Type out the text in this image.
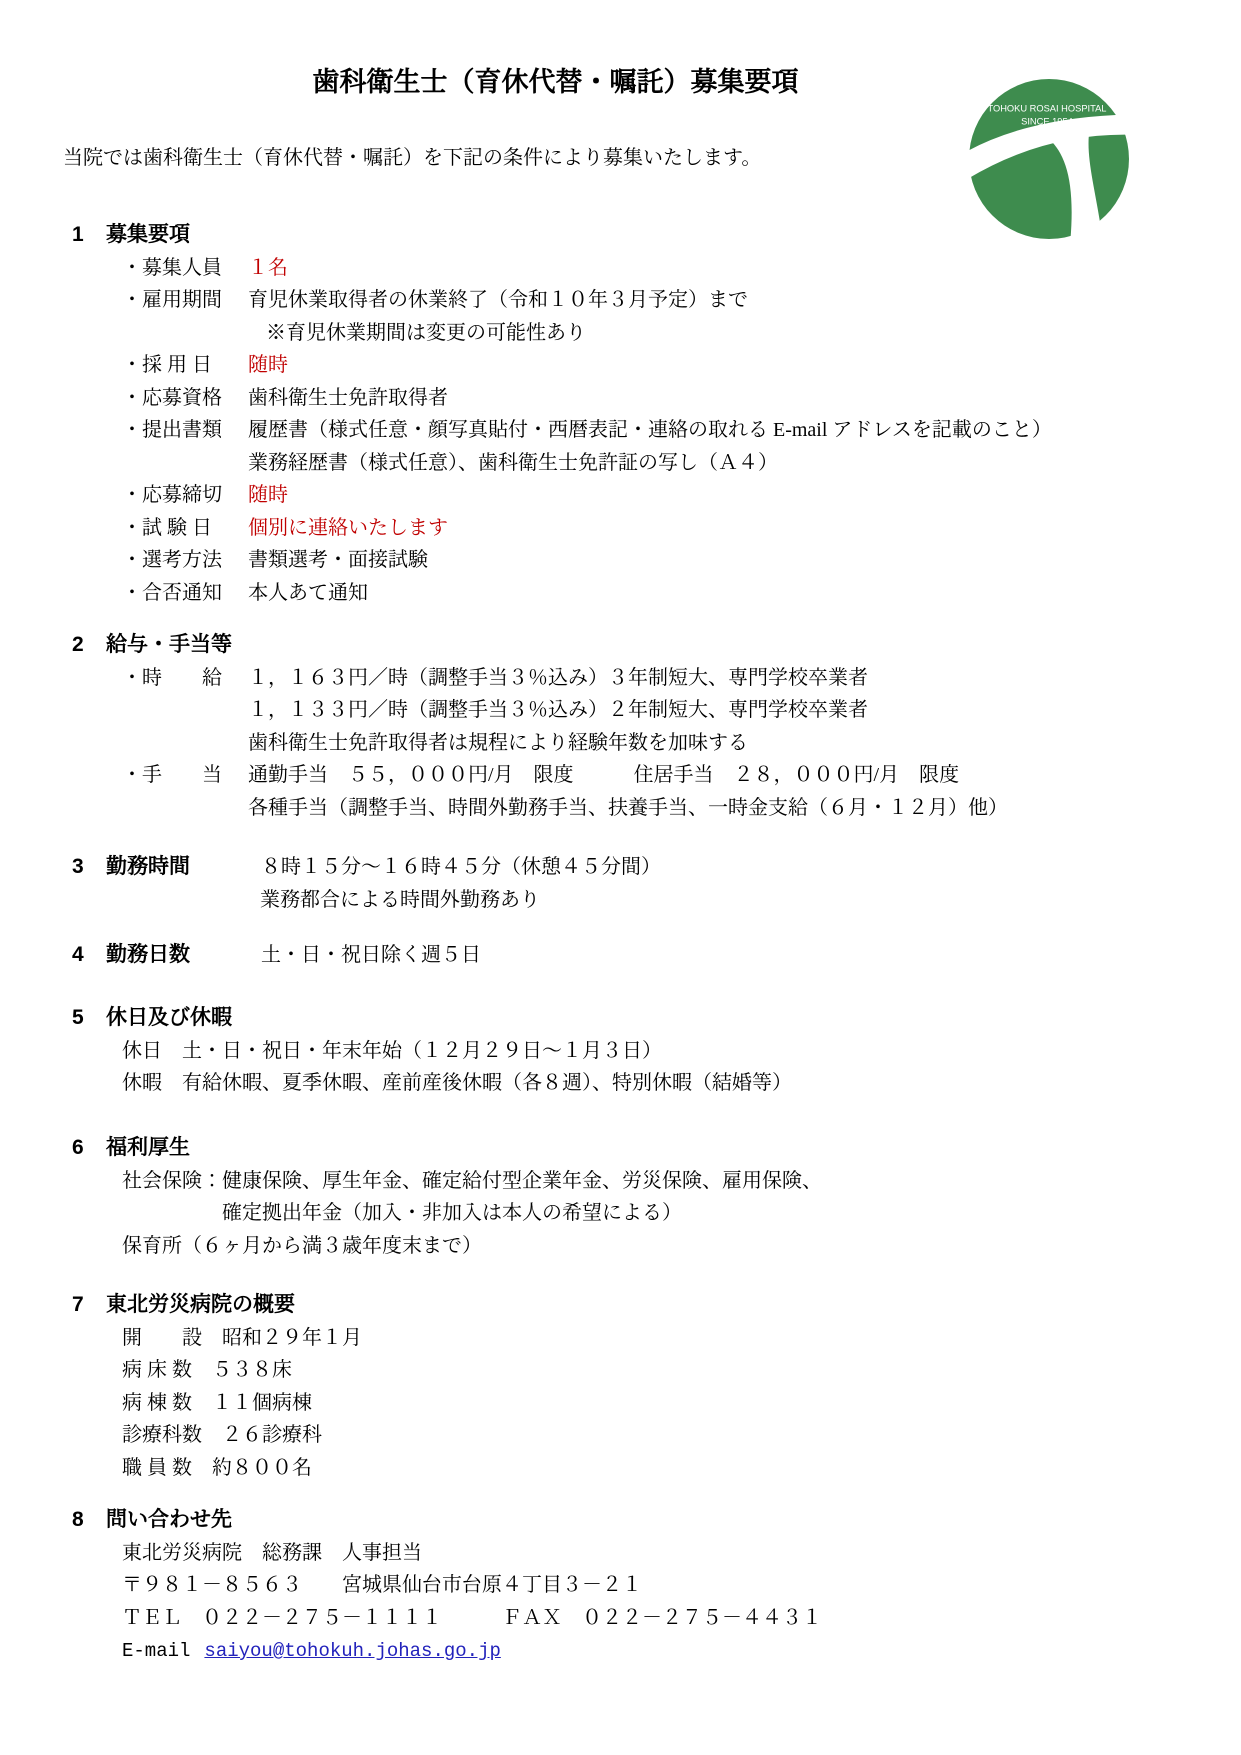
歯科衛生士（育休代替・嘱託）募集要項
TOHOKU ROSAI HOSPITAL
SINCE 1954
当院では歯科衛生士（育休代替・嘱託）を下記の条件により募集いたします。
1 募集要項
・募集人員 １名
・雇用期間 育児休業取得者の休業終了（令和１０年３月予定）まで
※育児休業期間は変更の可能性あり
・採 用 日 随時
・応募資格 歯科衛生士免許取得者
・提出書類 履歴書（様式任意・顔写真貼付・西暦表記・連絡の取れる E-mail アドレスを記載のこと）
業務経歴書（様式任意）、歯科衛生士免許証の写し（Ａ４）
・応募締切 随時
・試 験 日 個別に連絡いたします
・選考方法 書類選考・面接試験
・合否通知 本人あて通知
2 給与・手当等
・時　　給 １，１６３円／時（調整手当３％込み）３年制短大、専門学校卒業者
１，１３３円／時（調整手当３％込み）２年制短大、専門学校卒業者
歯科衛生士免許取得者は規程により経験年数を加味する
・手　　当 通勤手当　５５，０００円/月　限度　　　住居手当　２８，０００円/月　限度
各種手当（調整手当、時間外勤務手当、扶養手当、一時金支給（６月・１２月）他）
3 勤務時間	８時１５分～１６時４５分（休憩４５分間）
業務都合による時間外勤務あり
4 勤務日数	土・日・祝日除く週５日
5 休日及び休暇
休日　土・日・祝日・年末年始（１２月２９日～１月３日）
休暇　有給休暇、夏季休暇、産前産後休暇（各８週）、特別休暇（結婚等）
6 福利厚生
社会保険：健康保険、厚生年金、確定給付型企業年金、労災保険、雇用保険、
　　　　　確定拠出年金（加入・非加入は本人の希望による）
保育所（６ヶ月から満３歳年度末まで）
7 東北労災病院の概要
開　　設　昭和２９年１月
病 床 数　５３８床
病 棟 数　１１個病棟
診療科数　２６診療科
職 員 数　約８００名
8 問い合わせ先
東北労災病院　総務課　人事担当
〒９８１－８５６３　　宮城県仙台市台原４丁目３－２１
ＴＥＬ　０２２－２７５－１１１１　　　ＦＡＸ　０２２－２７５－４４３１
E-mail saiyou@tohokuh.johas.go.jp
